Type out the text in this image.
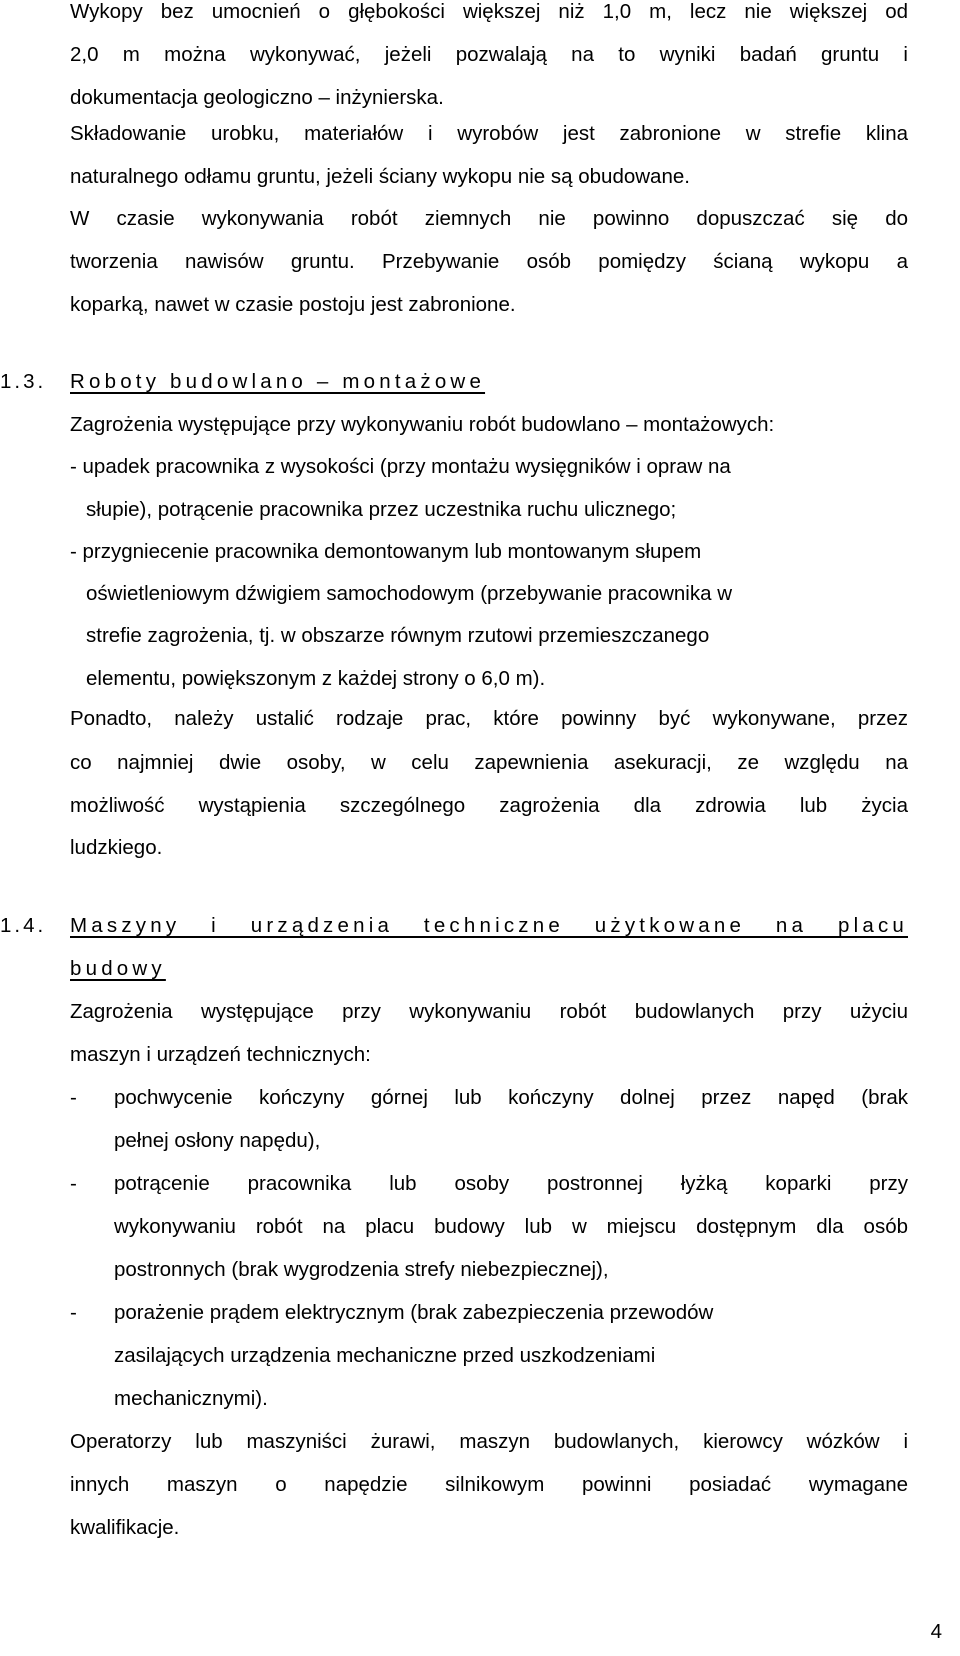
Wykopy bez umocnień o głębokości większej niż 1,0 m, lecz nie większej od
2,0 m można wykonywać, jeżeli pozwalają na to wyniki badań gruntu i
dokumentacja geologiczno – inżynierska.
Składowanie urobku, materiałów i wyrobów jest zabronione w strefie klina
naturalnego odłamu gruntu, jeżeli ściany wykopu nie są obudowane.
W czasie wykonywania robót ziemnych nie powinno dopuszczać się do
tworzenia nawisów gruntu. Przebywanie osób pomiędzy ścianą wykopu a
koparką, nawet w czasie postoju jest zabronione.
1.3.	Roboty budowlano – montażowe
Zagrożenia występujące przy wykonywaniu robót budowlano – montażowych:
- upadek pracownika z wysokości (przy montażu wysięgników i opraw na
słupie), potrącenie pracownika przez uczestnika ruchu ulicznego;
- przygniecenie pracownika demontowanym lub montowanym słupem
oświetleniowym dźwigiem samochodowym (przebywanie pracownika w
strefie zagrożenia, tj. w obszarze równym rzutowi przemieszczanego
elementu, powiększonym z każdej strony o 6,0 m).
Ponadto, należy ustalić rodzaje prac, które powinny być wykonywane, przez
co najmniej dwie osoby, w celu zapewnienia asekuracji, ze względu na
możliwość wystąpienia szczególnego zagrożenia dla zdrowia lub życia
ludzkiego.
1.4.	Maszyny i urządzenia techniczne użytkowane na placu
budowy
Zagrożenia występujące przy wykonywaniu robót budowlanych przy użyciu
maszyn i urządzeń technicznych:
-	pochwycenie kończyny górnej lub kończyny dolnej przez napęd (brak
pełnej osłony napędu),
-	potrącenie pracownika lub osoby postronnej łyżką koparki przy
wykonywaniu robót na placu budowy lub w miejscu dostępnym dla osób
postronnych (brak wygrodzenia strefy niebezpiecznej),
-	porażenie prądem elektrycznym (brak zabezpieczenia przewodów
zasilających urządzenia mechaniczne przed uszkodzeniami
mechanicznymi).
Operatorzy lub maszyniści żurawi, maszyn budowlanych, kierowcy wózków i
innych maszyn o napędzie silnikowym powinni posiadać wymagane
kwalifikacje.
4
